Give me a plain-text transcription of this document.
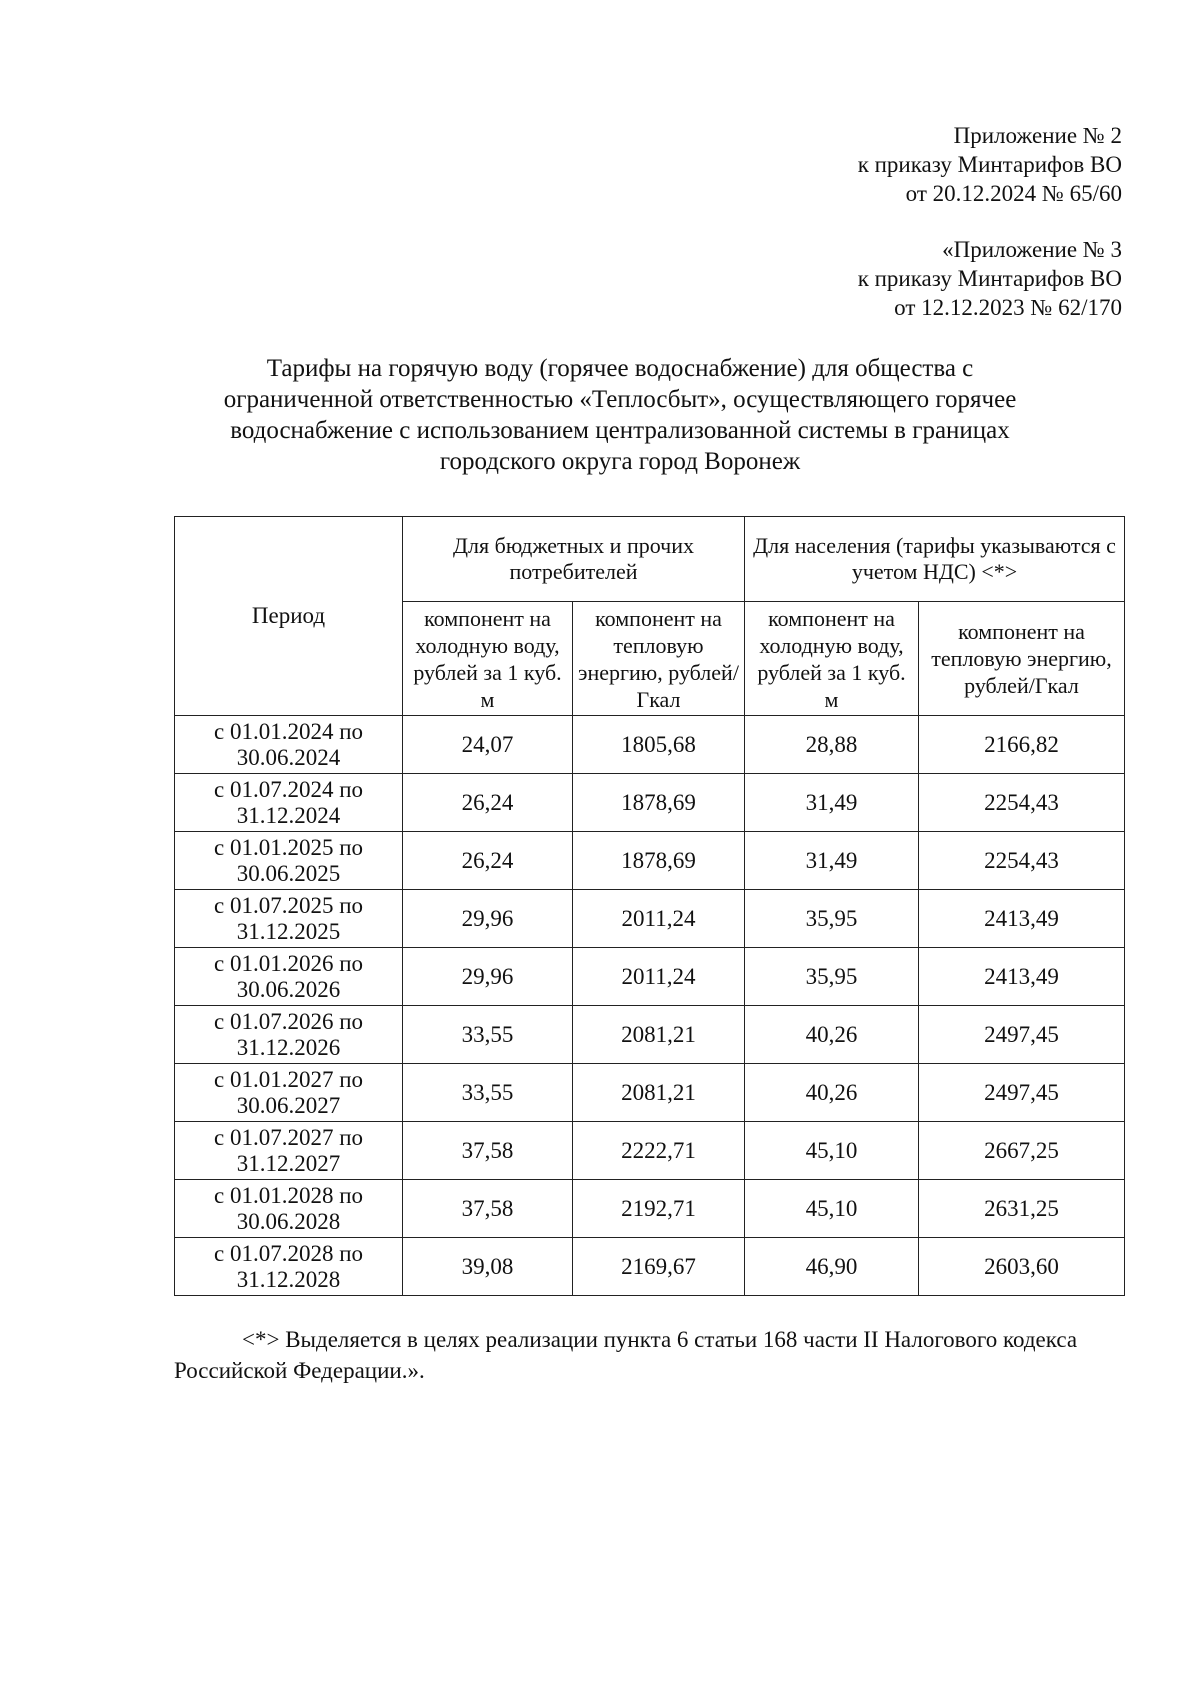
Приложение № 2
к приказу Минтарифов ВО
от 20.12.2024 № 65/60
«Приложение № 3
к приказу Минтарифов ВО
от 12.12.2023 № 62/170
Тарифы на горячую воду (горячее водоснабжение) для общества с
ограниченной ответственностью «Теплосбыт», осуществляющего горячее
водоснабжение с использованием централизованной системы в границах
городского округа город Воронеж
Период	Для бюджетных и прочих потребителей		Для населения (тарифы указываются с учетом НДС) <*>	
	компонент на холодную воду, рублей за 1 куб. м	компонент на тепловую энергию, рублей/Гкал	компонент на холодную воду, рублей за 1 куб. м	компонент на тепловую энергию, рублей/Гкал
с 01.01.2024 по
30.06.2024	24,07	1805,68	28,88	2166,82
с 01.07.2024 по
31.12.2024	26,24	1878,69	31,49	2254,43
с 01.01.2025 по
30.06.2025	26,24	1878,69	31,49	2254,43
с 01.07.2025 по
31.12.2025	29,96	2011,24	35,95	2413,49
с 01.01.2026 по
30.06.2026	29,96	2011,24	35,95	2413,49
с 01.07.2026 по
31.12.2026	33,55	2081,21	40,26	2497,45
с 01.01.2027 по
30.06.2027	33,55	2081,21	40,26	2497,45
с 01.07.2027 по
31.12.2027	37,58	2222,71	45,10	2667,25
с 01.01.2028 по
30.06.2028	37,58	2192,71	45,10	2631,25
с 01.07.2028 по
31.12.2028	39,08	2169,67	46,90	2603,60
<*> Выделяется в целях реализации пункта 6 статьи 168 части II Налогового кодекса Российской Федерации.».
